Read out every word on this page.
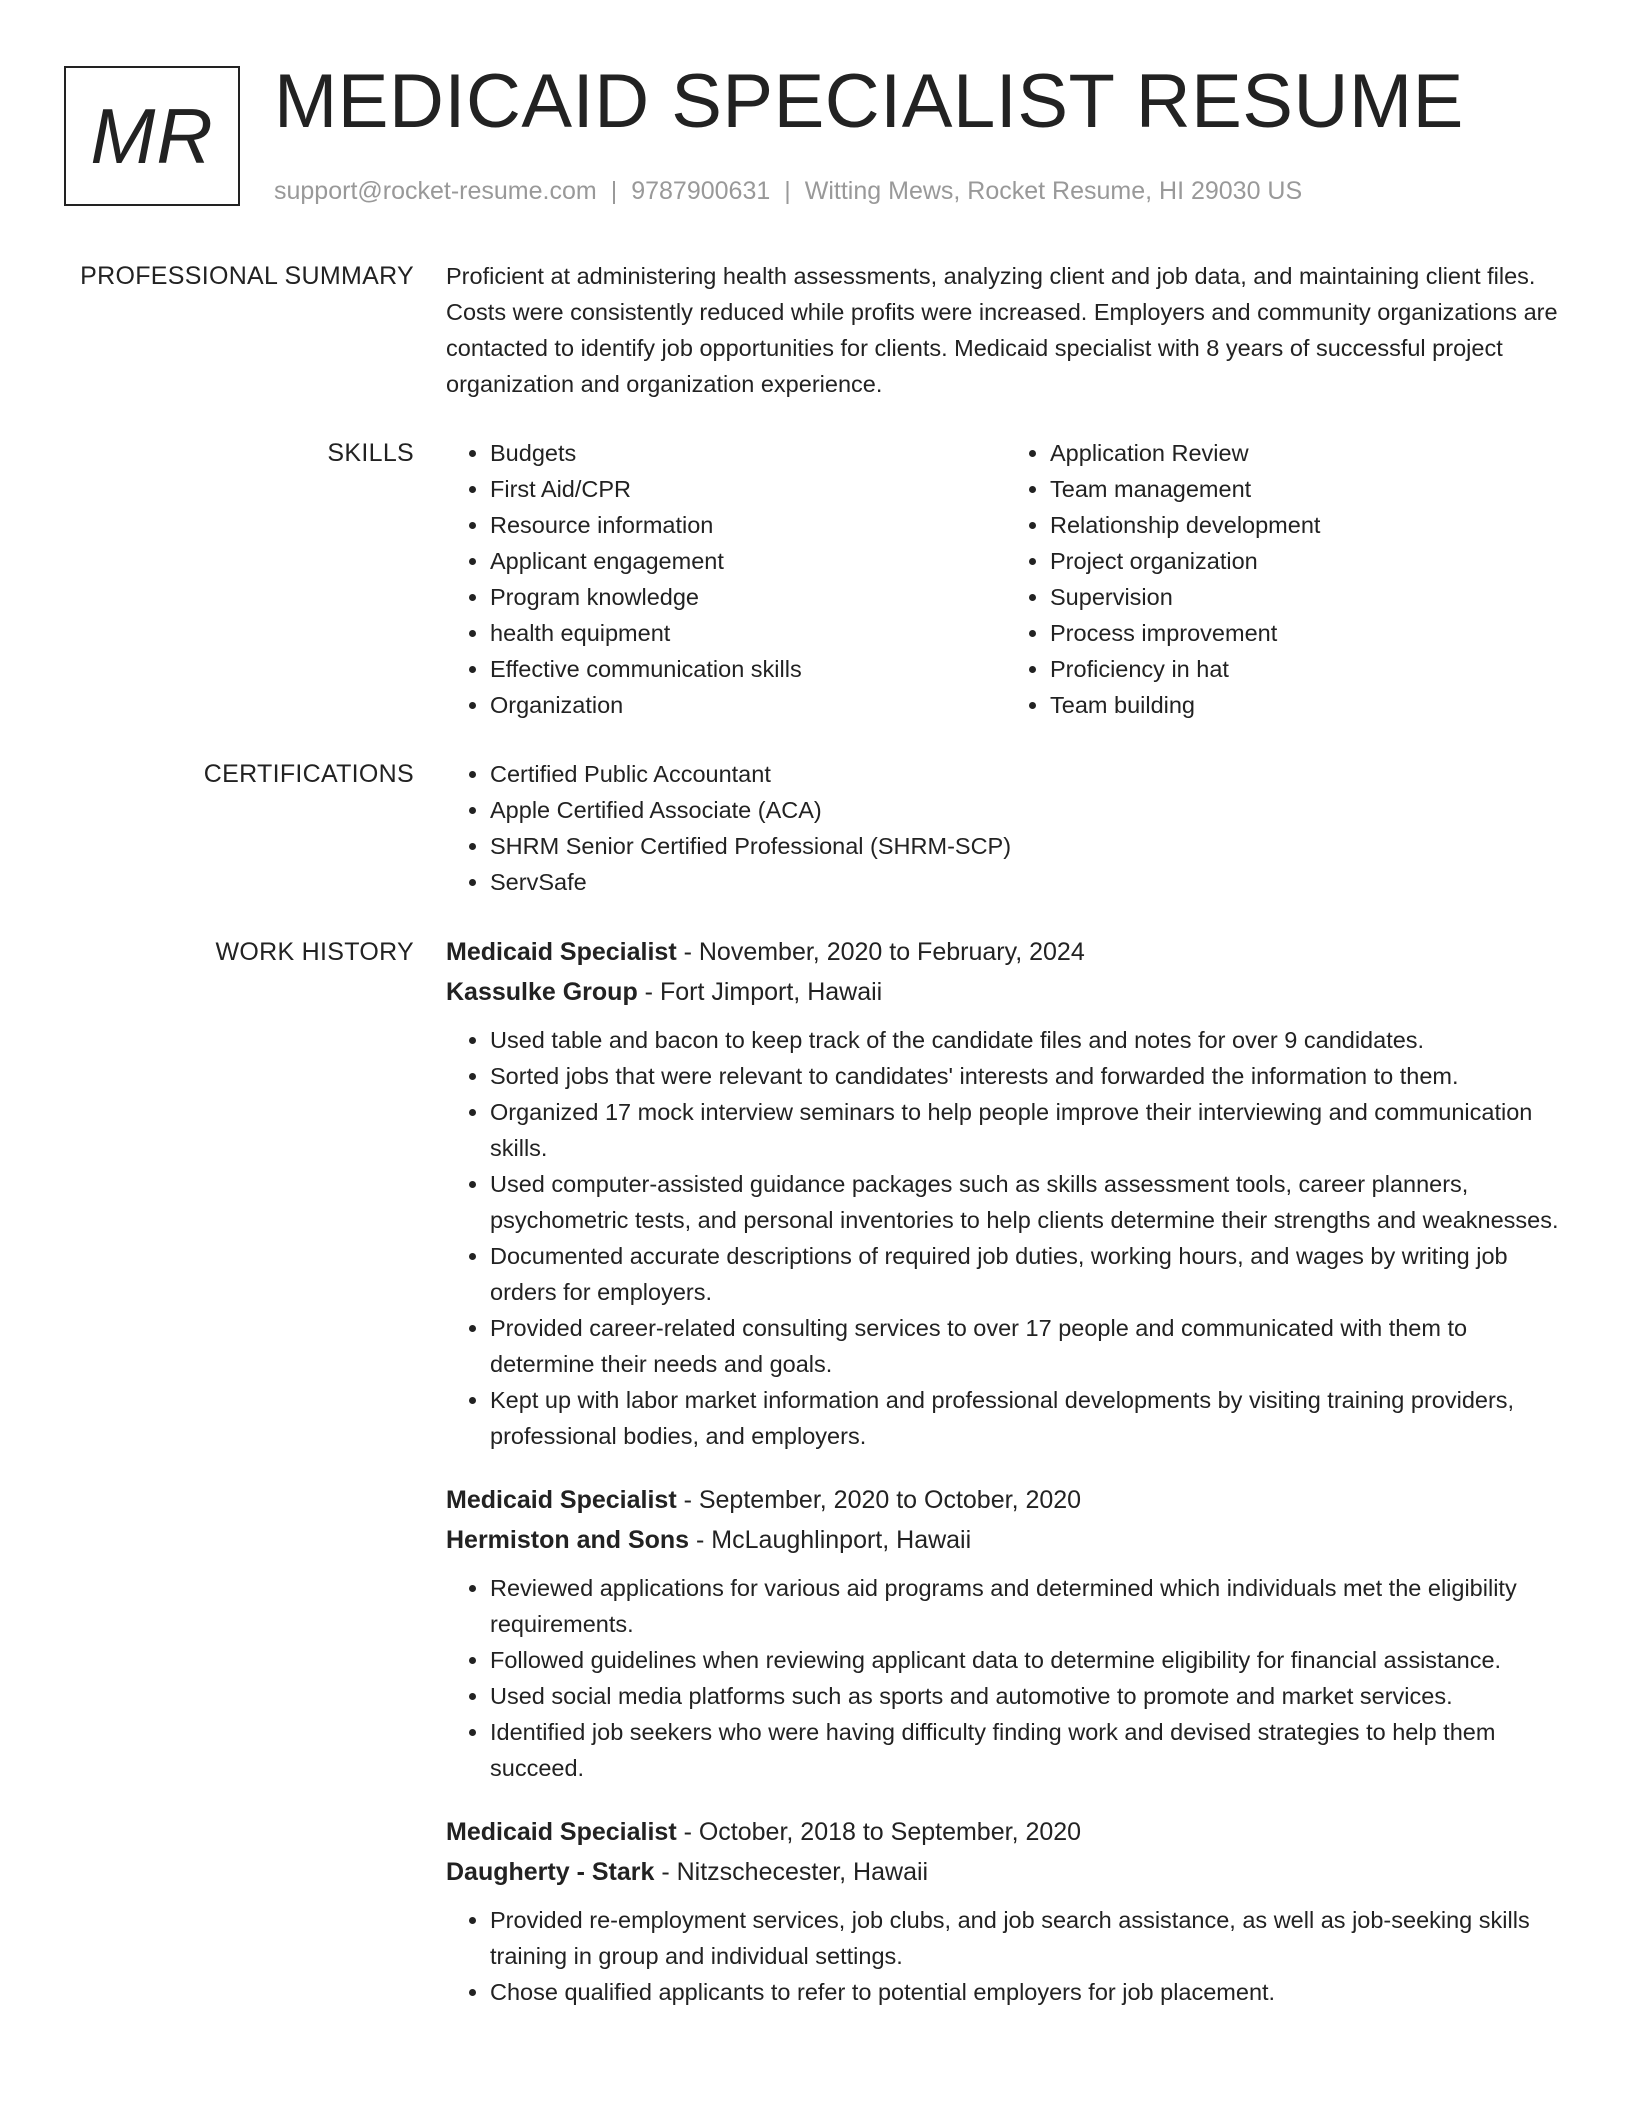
MR MEDICAID SPECIALIST RESUME
support@rocket-resume.com | 9787900631 | Witting Mews, Rocket Resume, HI 29030 US
PROFESSIONAL SUMMARY Proficient at administering health assessments, analyzing client and job data, and maintaining client files. Costs were consistently reduced while profits were increased. Employers and community organizations are contacted to identify job opportunities for clients. Medicaid specialist with 8 years of successful project organization and organization experience.
SKILLS	• Budgets
• First Aid/CPR
• Resource information
• Applicant engagement
• Program knowledge
• health equipment
• Effective communication skills
• Organization
• Application Review
• Team management
• Relationship development
• Project organization
• Supervision
• Process improvement
• Proficiency in hat
• Team building
CERTIFICATIONS	• Certified Public Accountant
• Apple Certified Associate (ACA)
• SHRM Senior Certified Professional (SHRM-SCP)
• ServSafe
WORK HISTORY Medicaid Specialist - November, 2020 to February, 2024
Kassulke Group - Fort Jimport, Hawaii
• Used table and bacon to keep track of the candidate files and notes for over 9 candidates.
• Sorted jobs that were relevant to candidates' interests and forwarded the information to them.
• Organized 17 mock interview seminars to help people improve their interviewing and communication skills.
• Used computer-assisted guidance packages such as skills assessment tools, career planners, psychometric tests, and personal inventories to help clients determine their strengths and weaknesses.
• Documented accurate descriptions of required job duties, working hours, and wages by writing job orders for employers.
• Provided career-related consulting services to over 17 people and communicated with them to determine their needs and goals.
• Kept up with labor market information and professional developments by visiting training providers, professional bodies, and employers.
Medicaid Specialist - September, 2020 to October, 2020
Hermiston and Sons - McLaughlinport, Hawaii
• Reviewed applications for various aid programs and determined which individuals met the eligibility requirements.
• Followed guidelines when reviewing applicant data to determine eligibility for financial assistance.
• Used social media platforms such as sports and automotive to promote and market services.
• Identified job seekers who were having difficulty finding work and devised strategies to help them succeed.
Medicaid Specialist - October, 2018 to September, 2020
Daugherty - Stark - Nitzschecester, Hawaii
• Provided re-employment services, job clubs, and job search assistance, as well as job-seeking skills training in group and individual settings.
• Chose qualified applicants to refer to potential employers for job placement.
